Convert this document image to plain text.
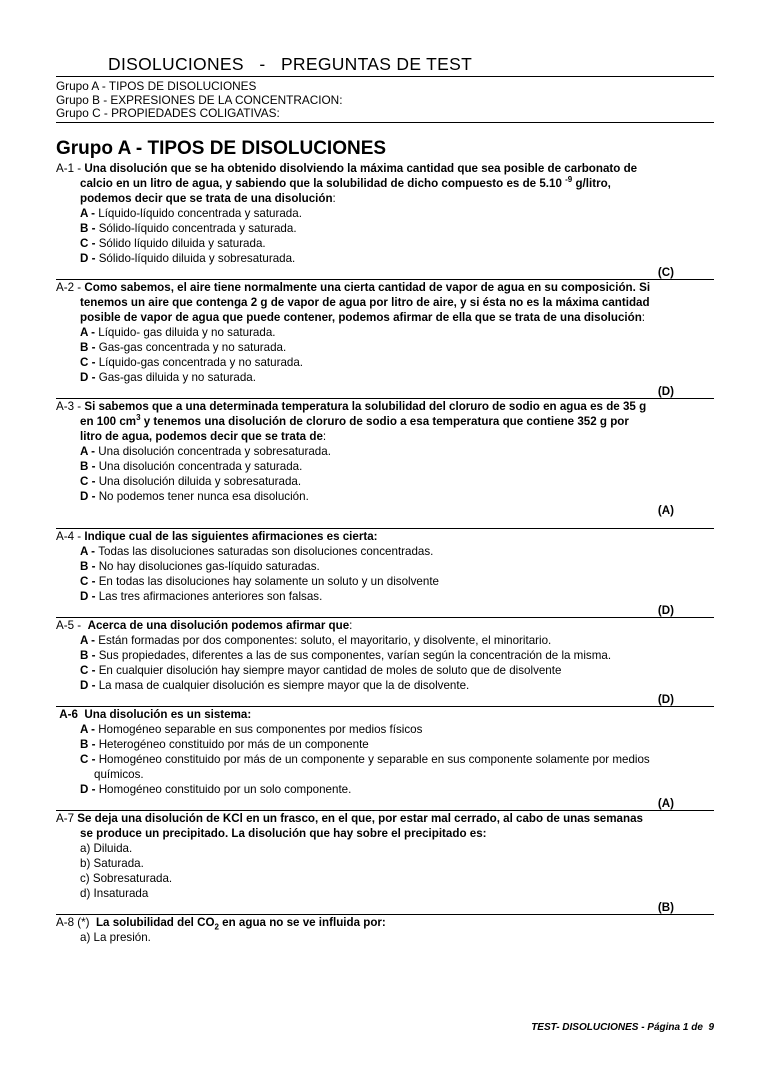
DISOLUCIONES   -   PREGUNTAS DE TEST
Grupo A - TIPOS DE DISOLUCIONES
Grupo B - EXPRESIONES DE LA CONCENTRACION:
Grupo C - PROPIEDADES COLIGATIVAS:
Grupo A - TIPOS DE DISOLUCIONES
A-1 - Una disolución que se ha obtenido disolviendo la máxima cantidad que sea posible de carbonato de
calcio en un litro de agua, y sabiendo que la solubilidad de dicho compuesto es de 5.10 $^{-9}$ g/litro,
podemos decir que se trata de una disolución:
A - Líquido-líquido concentrada y saturada.
B - Sólido-líquido concentrada y saturada.
C - Sólido líquido diluida y saturada.
D - Sólido-líquido diluida y sobresaturada.
(C)
A-2 - Como sabemos, el aire tiene normalmente una cierta cantidad de vapor de agua en su composición. Si
tenemos un aire que contenga 2 g de vapor de agua por litro de aire, y si ésta no es la máxima cantidad
posible de vapor de agua que puede contener, podemos afirmar de ella que se trata de una disolución:
A - Líquido- gas diluida y no saturada.
B - Gas-gas concentrada y no saturada.
C - Líquido-gas concentrada y no saturada.
D - Gas-gas diluida y no saturada.
(D)
A-3 - Si sabemos que a una determinada temperatura la solubilidad del cloruro de sodio en agua es de 35 g
en 100 $cm^3$ y tenemos una disolución de cloruro de sodio a esa temperatura que contiene 352 g por
litro de agua, podemos decir que se trata de:
A - Una disolución concentrada y sobresaturada.
B - Una disolución concentrada y saturada.
C - Una disolución diluida y sobresaturada.
D - No podemos tener nunca esa disolución.
(A)
A-4 - Indique cual de las siguientes afirmaciones es cierta:
A - Todas las disoluciones saturadas son disoluciones concentradas.
B - No hay disoluciones gas-líquido saturadas.
C - En todas las disoluciones hay solamente un soluto y un disolvente
D - Las tres afirmaciones anteriores son falsas.
(D)
A-5 -  Acerca de una disolución podemos afirmar que:
A - Están formadas por dos componentes: soluto, el mayoritario, y disolvente, el minoritario.
B - Sus propiedades, diferentes a las de sus componentes, varían según la concentración de la misma.
C - En cualquier disolución hay siempre mayor cantidad de moles de soluto que de disolvente
D - La masa de cualquier disolución es siempre mayor que la de disolvente.
(D)
A-6 Una disolución es un sistema:
A - Homogéneo separable en sus componentes por medios físicos
B - Heterogéneo constituido por más de un componente
C - Homogéneo constituido por más de un componente y separable en sus componente solamente por medios
químicos.
D - Homogéneo constituido por un solo componente.
(A)
A-7 Se deja una disolución de KCl en un frasco, en el que, por estar mal cerrado, al cabo de unas semanas
se produce un precipitado. La disolución que hay sobre el precipitado es:
a) Diluida.
b) Saturada.
c) Sobresaturada.
d) Insaturada
(B)
A-8 (*) La solubilidad del $CO_2$ en agua no se ve influida por:
a) La presión.
TEST- DISOLUCIONES - Página 1 de  9
